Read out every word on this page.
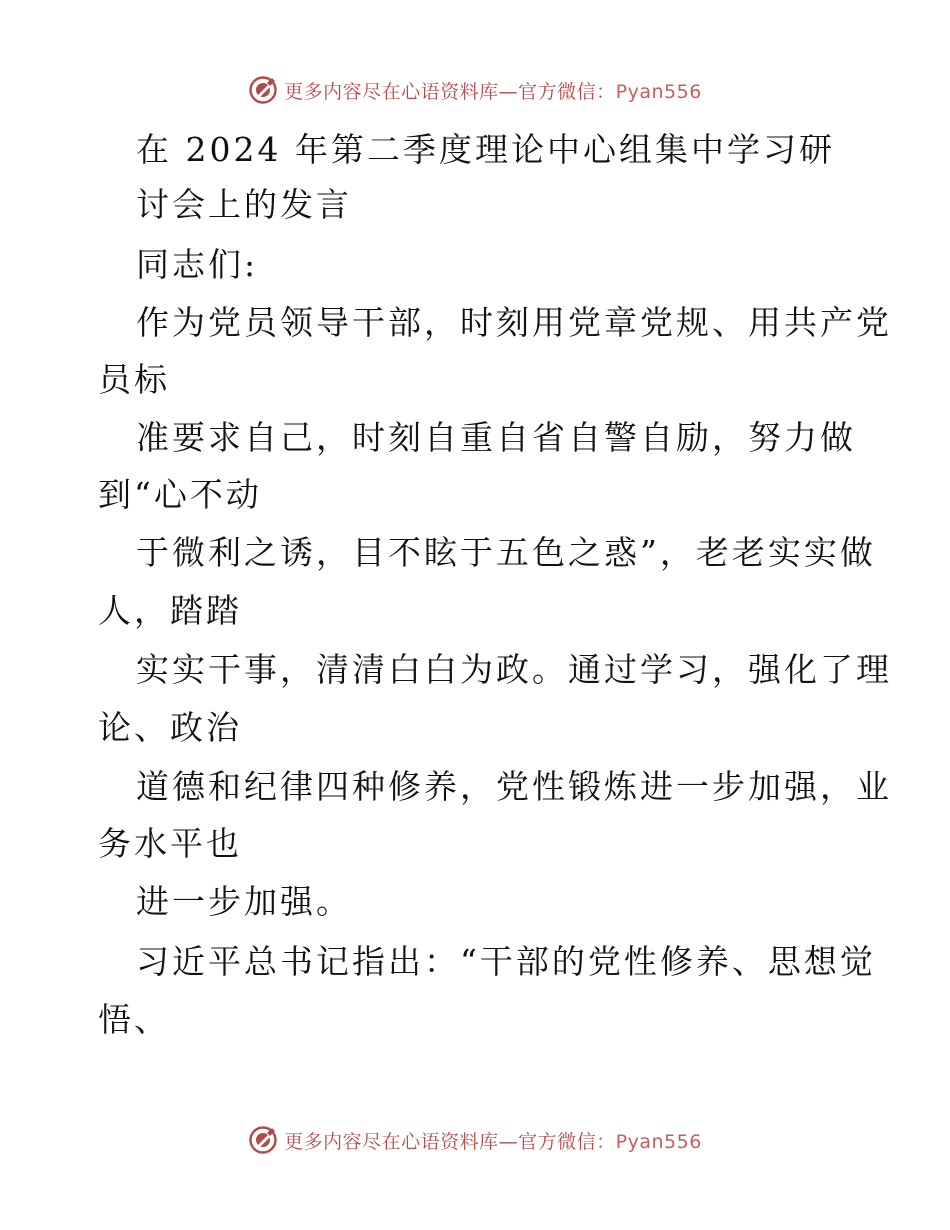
更多内容尽在心语资料库—官方微信：Pyan556
在 2024 年第二季度理论中心组集中学习研
讨会上的发言
同志们:
作为党员领导干部，时刻用党章党规、用共产党
员标
准要求自己，时刻自重自省自警自励，努力做
到“心不动
于微利之诱，目不眩于五色之惑”，老老实实做
人，踏踏
实实干事，清清白白为政。通过学习，强化了理
论、政治
道德和纪律四种修养，党性锻炼进一步加强，业
务水平也
进一步加强。
习近平总书记指出：“干部的党性修养、思想觉
悟、
更多内容尽在心语资料库—官方微信：Pyan556
